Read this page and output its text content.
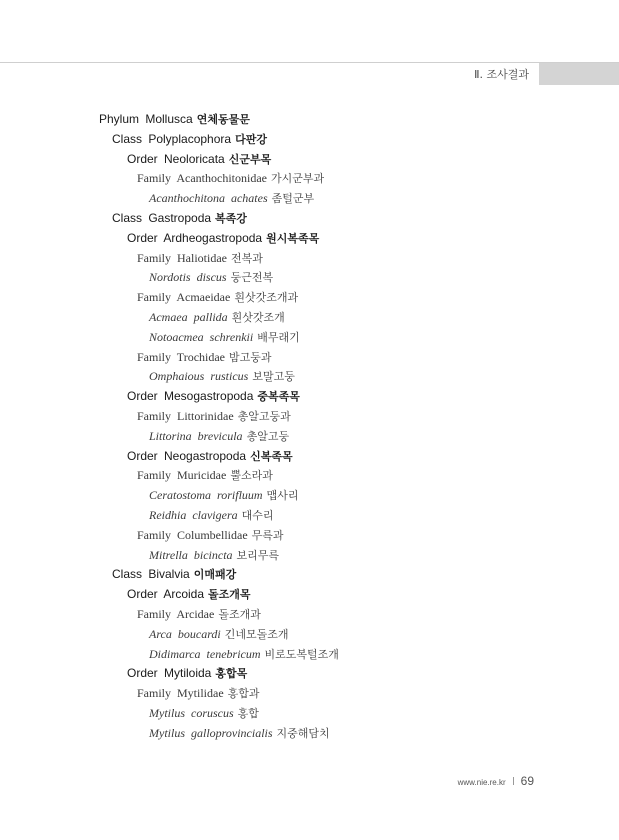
Ⅱ. 조사결과
Phylum Mollusca 연체동물문
Class Polyplacophora 다판강
Order Neoloricata 신군부목
Family Acanthochitonidae 가시군부과
Acanthochitona achates 좀털군부
Class Gastropoda 복족강
Order Ardheogastropoda 원시복족목
Family Haliotidae 전복과
Nordotis discus 둥근전복
Family Acmaeidae 흰삿갓조개과
Acmaea pallida 흰삿갓조개
Notoacmea schrenkii 배무래기
Family Trochidae 밤고둥과
Omphaious rusticus 보말고둥
Order Mesogastropoda 중복족목
Family Littorinidae 총알고둥과
Littorina brevicula 총알고둥
Order Neogastropoda 신복족목
Family Muricidae 뿔소라과
Ceratostoma rorifluum 맵사리
Reidhia clavigera 대수리
Family Columbellidae 무륵과
Mitrella bicincta 보리무륵
Class Bivalvia 이매패강
Order Arcoida 돌조개목
Family Arcidae 돌조개과
Arca boucardi 긴네모돌조개
Didimarca tenebricum 비로도복털조개
Order Mytiloida 홍합목
Family Mytilidae 홍합과
Mytilus coruscus 홍합
Mytilus galloprovincialis 지중해담치
www.nie.re.kr 69
